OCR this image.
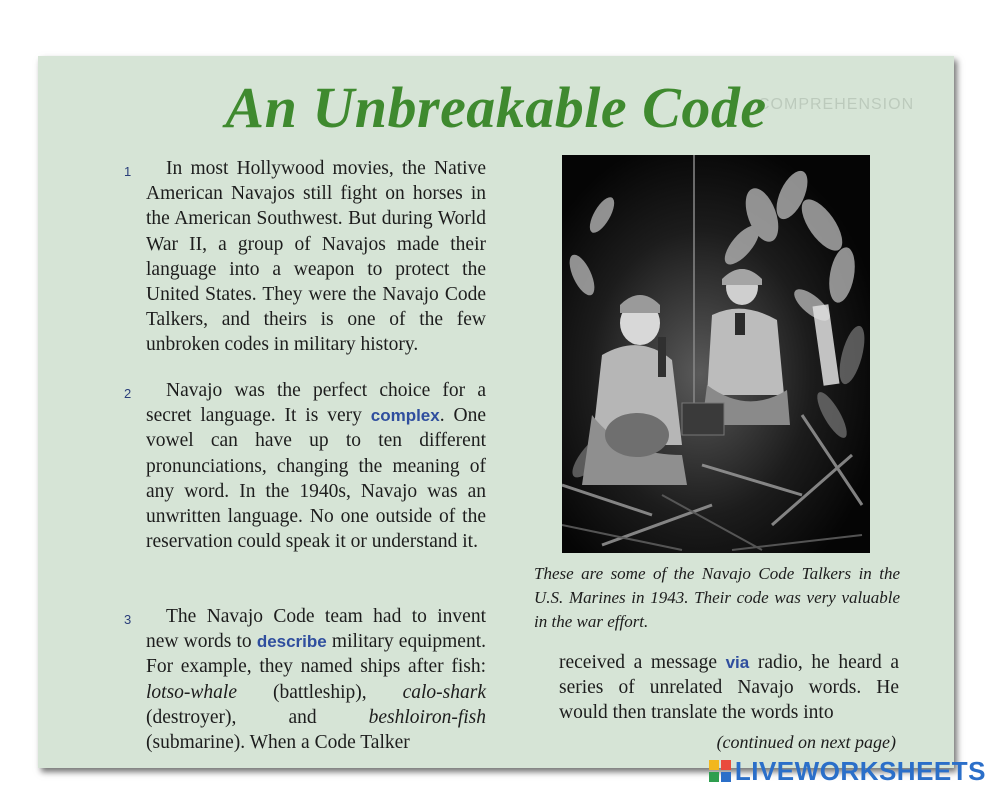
COMPREHENSION
An Unbreakable Code

1 In most Hollywood movies, the Native American Navajos still fight on horses in the American Southwest. But during World War II, a group of Navajos made their language into a weapon to protect the United States. They were the Navajo Code Talkers, and theirs is one of the few unbroken codes in military history.

2 Navajo was the perfect choice for a secret language. It is very complex. One vowel can have up to ten different pronunciations, changing the meaning of any word. In the 1940s, Navajo was an unwritten language. No one outside of the reservation could speak it or understand it.

3 The Navajo Code team had to invent new words to describe military equipment. For example, they named ships after fish: lotso-whale (battleship), calo-shark (destroyer), and beshloiron-fish (submarine). When a Code Talker

These are some of the Navajo Code Talkers in the U.S. Marines in 1943. Their code was very valuable in the war effort.

received a message via radio, he heard a series of unrelated Navajo words. He would then translate the words into

(continued on next page)

LIVEWORKSHEETS
